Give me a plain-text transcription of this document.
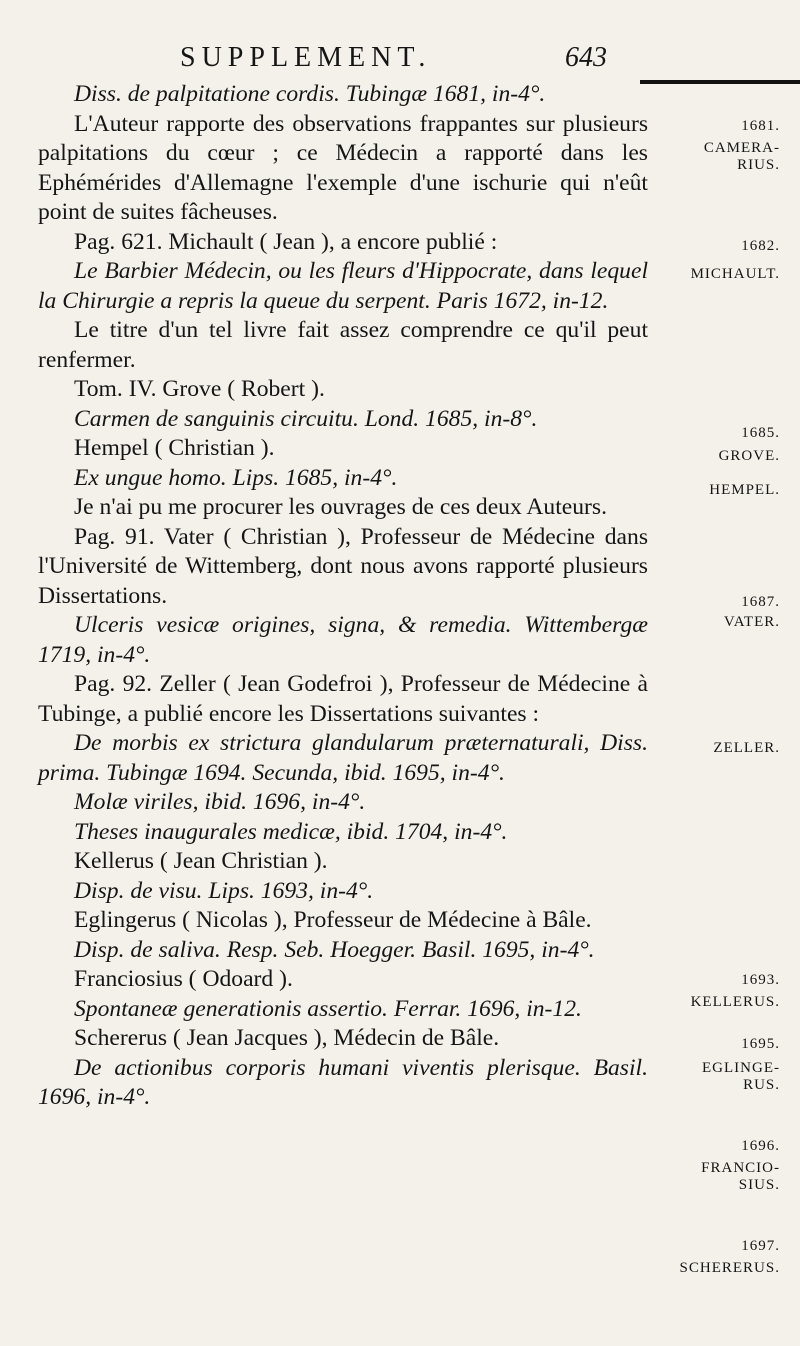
SUPPLEMENT.	643

Diss. de palpitatione cordis. Tubingæ 1681, in-4°.

L'Auteur rapporte des observations frappantes sur plusieurs palpitations du cœur ; ce Médecin a rapporté dans les Ephémérides d'Allemagne l'exemple d'une ischurie qui n'eût point de suites fâcheuses.

Pag. 621. Michault ( Jean ), a encore publié :

Le Barbier Médecin, ou les fleurs d'Hippocrate, dans lequel la Chirurgie a repris la queue du serpent. Paris 1672, in-12.

Le titre d'un tel livre fait assez comprendre ce qu'il peut renfermer.

Tom. IV. Grove ( Robert ).

Carmen de sanguinis circuitu. Lond. 1685, in-8°.

Hempel ( Christian ).

Ex ungue homo. Lips. 1685, in-4°.

Je n'ai pu me procurer les ouvrages de ces deux Auteurs.

Pag. 91. Vater ( Christian ), Professeur de Médecine dans l'Université de Wittemberg, dont nous avons rapporté plusieurs Dissertations.

Ulceris vesicæ origines, signa, & remedia. Wittembergæ 1719, in-4°.

Pag. 92. Zeller ( Jean Godefroi ), Professeur de Médecine à Tubinge, a publié encore les Dissertations suivantes :

De morbis ex strictura glandularum præternaturali, Diss. prima. Tubingæ 1694. Secunda, ibid. 1695, in-4°.

Molæ viriles, ibid. 1696, in-4°.

Theses inaugurales medicæ, ibid. 1704, in-4°.

Kellerus ( Jean Christian ).

Disp. de visu. Lips. 1693, in-4°.

Eglingerus ( Nicolas ), Professeur de Médecine à Bâle.

Disp. de saliva. Resp. Seb. Hoegger. Basil. 1695, in-4°.

Franciosius ( Odoard ).

Spontaneæ generationis assertio. Ferrar. 1696, in-12.

Schererus ( Jean Jacques ), Médecin de Bâle.

De actionibus corporis humani viventis plerisque. Basil. 1696, in-4°.

1681.
CAMERA-
RIUS.
1682.
MICHAULT.
1685.
GROVE.
HEMPEL.
1687.
VATER.
ZELLER.
1693.
KELLERUS.
1695.
EGLINGE-
RUS.
1696.
FRANCIO-
SIUS.
1697.
SCHERERUS.
